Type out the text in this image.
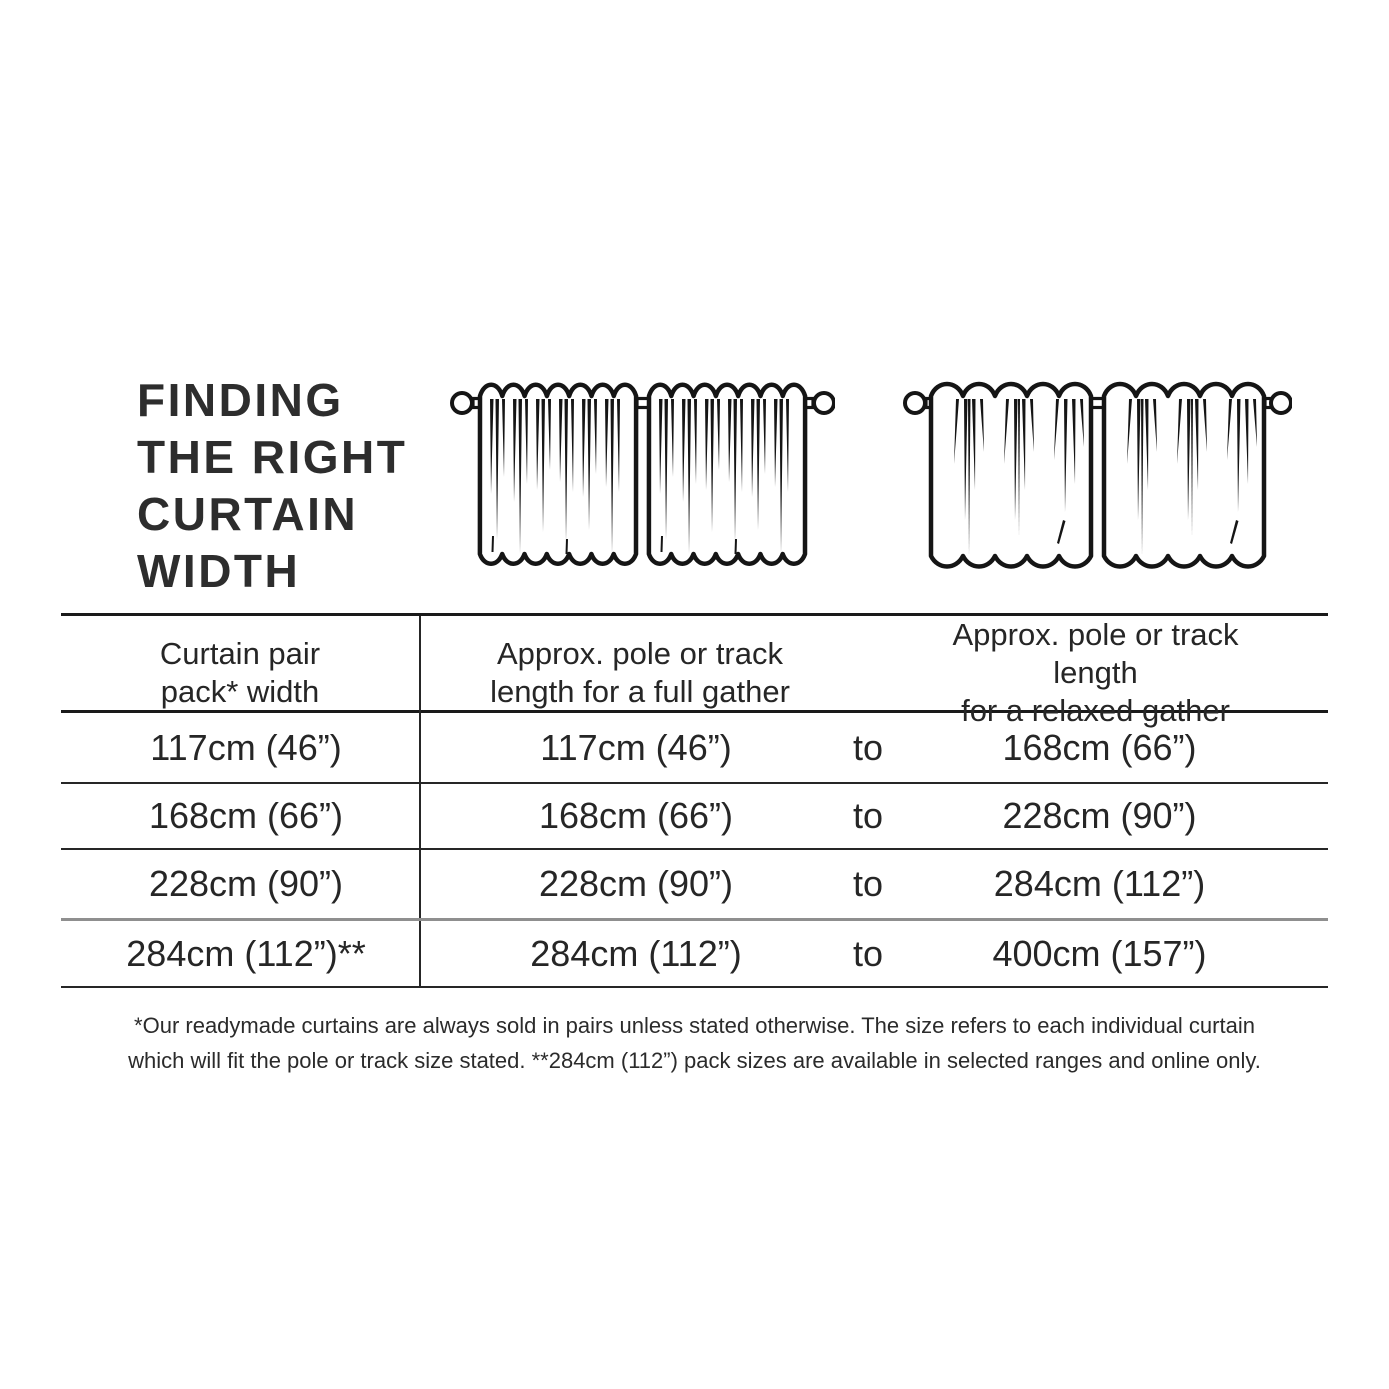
FINDING
THE RIGHT
CURTAIN
WIDTH
Curtain pair
pack* width
Approx. pole or track
length for a full gather
Approx. pole or track length
for a relaxed gather
117cm (46”)	117cm (46”)	to	168cm (66”)
168cm (66”)	168cm (66”)	to	228cm (90”)
228cm (90”)	228cm (90”)	to	284cm (112”)
284cm (112”)**	284cm (112”)	to	400cm (157”)
*Our readymade curtains are always sold in pairs unless stated otherwise. The size refers to each individual curtain
which will fit the pole or track size stated. **284cm (112”) pack sizes are available in selected ranges and online only.
